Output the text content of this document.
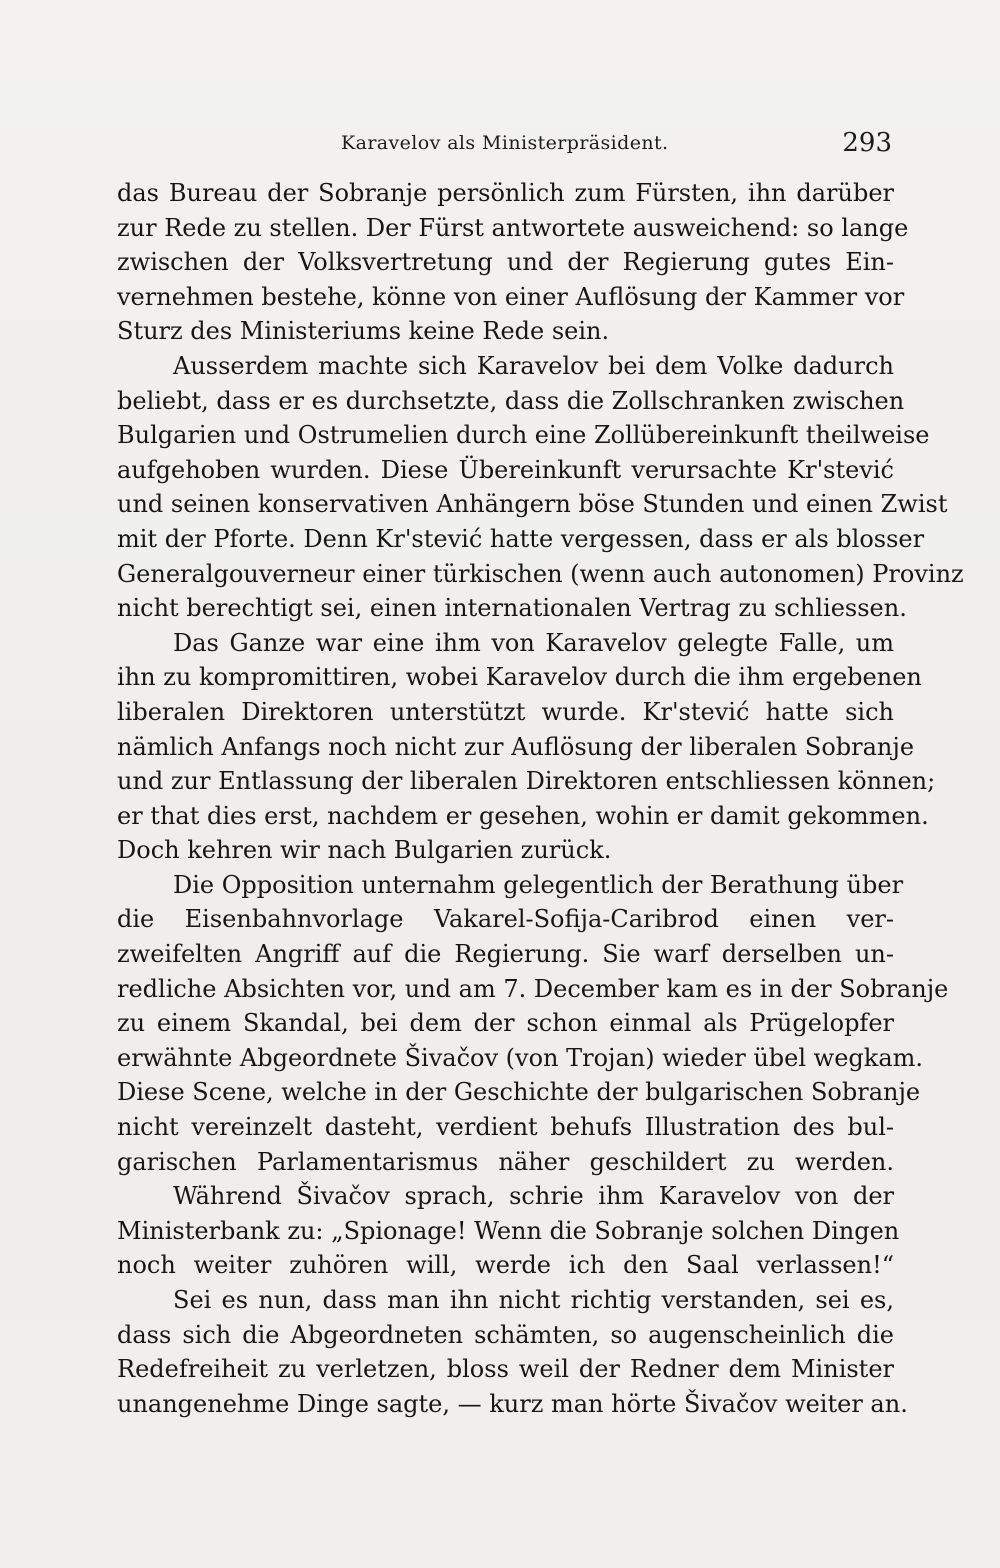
Karavelov als Ministerpräsident.	293
das Bureau der Sobranje persönlich zum Fürsten, ihn darüber
zur Rede zu stellen. Der Fürst antwortete ausweichend: so lange
zwischen der Volksvertretung und der Regierung gutes Ein-
vernehmen bestehe, könne von einer Auflösung der Kammer vor
Sturz des Ministeriums keine Rede sein.
Ausserdem machte sich Karavelov bei dem Volke dadurch
beliebt, dass er es durchsetzte, dass die Zollschranken zwischen
Bulgarien und Ostrumelien durch eine Zollübereinkunft theilweise
aufgehoben wurden. Diese Übereinkunft verursachte Kr'stević
und seinen konservativen Anhängern böse Stunden und einen Zwist
mit der Pforte. Denn Kr'stević hatte vergessen, dass er als blosser
Generalgouverneur einer türkischen (wenn auch autonomen) Provinz
nicht berechtigt sei, einen internationalen Vertrag zu schliessen.
Das Ganze war eine ihm von Karavelov gelegte Falle, um
ihn zu kompromittiren, wobei Karavelov durch die ihm ergebenen
liberalen Direktoren unterstützt wurde. Kr'stević hatte sich
nämlich Anfangs noch nicht zur Auflösung der liberalen Sobranje
und zur Entlassung der liberalen Direktoren entschliessen können;
er that dies erst, nachdem er gesehen, wohin er damit gekommen.
Doch kehren wir nach Bulgarien zurück.
Die Opposition unternahm gelegentlich der Berathung über
die Eisenbahnvorlage Vakarel-Sofija-Caribrod einen ver-
zweifelten Angriff auf die Regierung. Sie warf derselben un-
redliche Absichten vor, und am 7. December kam es in der Sobranje
zu einem Skandal, bei dem der schon einmal als Prügelopfer
erwähnte Abgeordnete Šivačov (von Trojan) wieder übel wegkam.
Diese Scene, welche in der Geschichte der bulgarischen Sobranje
nicht vereinzelt dasteht, verdient behufs Illustration des bul-
garischen Parlamentarismus näher geschildert zu werden.
Während Šivačov sprach, schrie ihm Karavelov von der
Ministerbank zu: „Spionage! Wenn die Sobranje solchen Dingen
noch weiter zuhören will, werde ich den Saal verlassen!“
Sei es nun, dass man ihn nicht richtig verstanden, sei es,
dass sich die Abgeordneten schämten, so augenscheinlich die
Redefreiheit zu verletzen, bloss weil der Redner dem Minister
unangenehme Dinge sagte, — kurz man hörte Šivačov weiter an.
